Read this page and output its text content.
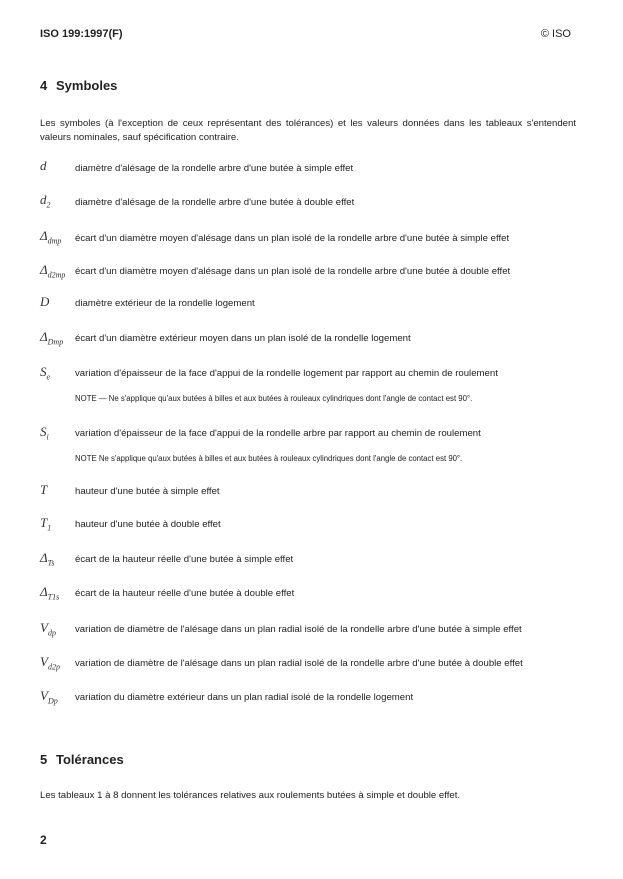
ISO 199:1997(F)	© ISO
4 Symboles
Les symboles (à l'exception de ceux représentant des tolérances) et les valeurs données dans les tableaux s'entendent valeurs nominales, sauf spécification contraire.
d	diamètre d'alésage de la rondelle arbre d'une butée à simple effet
$d_2$	diamètre d'alésage de la rondelle arbre d'une butée à double effet
$\Delta_{dmp}$ écart d'un diamètre moyen d'alésage dans un plan isolé de la rondelle arbre d'une butée à simple effet
$\Delta_{d2mp}$ écart d'un diamètre moyen d'alésage dans un plan isolé de la rondelle arbre d'une butée à double effet
D	diamètre extérieur de la rondelle logement
$\Delta_{Dmp}$ écart d'un diamètre extérieur moyen dans un plan isolé de la rondelle logement
$S_e$	variation d'épaisseur de la face d'appui de la rondelle logement par rapport au chemin de roulement
NOTE — Ne s'applique qu'aux butées à billes et aux butées à rouleaux cylindriques dont l'angle de contact est 90°.
$S_i$	variation d'épaisseur de la face d'appui de la rondelle arbre par rapport au chemin de roulement
NOTE Ne s'applique qu'aux butées à billes et aux butées à rouleaux cylindriques dont l'angle de contact est 90°.
T	hauteur d'une butée à simple effet
$T_1$ hauteur d'une butée à double effet
$\Delta_{Ts}$ écart de la hauteur réelle d'une butée à simple effet
$\Delta_{T1s}$ écart de la hauteur réelle d'une butée à double effet
$V_{dp}$ variation de diamètre de l'alésage dans un plan radial isolé de la rondelle arbre d'une butée à simple effet
$V_{d2p}$ variation de diamètre de l'alésage dans un plan radial isolé de la rondelle arbre d'une butée à double effet
$V_{Dp}$ variation du diamètre extérieur dans un plan radial isolé de la rondelle logement
5 Tolérances
Les tableaux 1 à 8 donnent les tolérances relatives aux roulements butées à simple et double effet.
2
